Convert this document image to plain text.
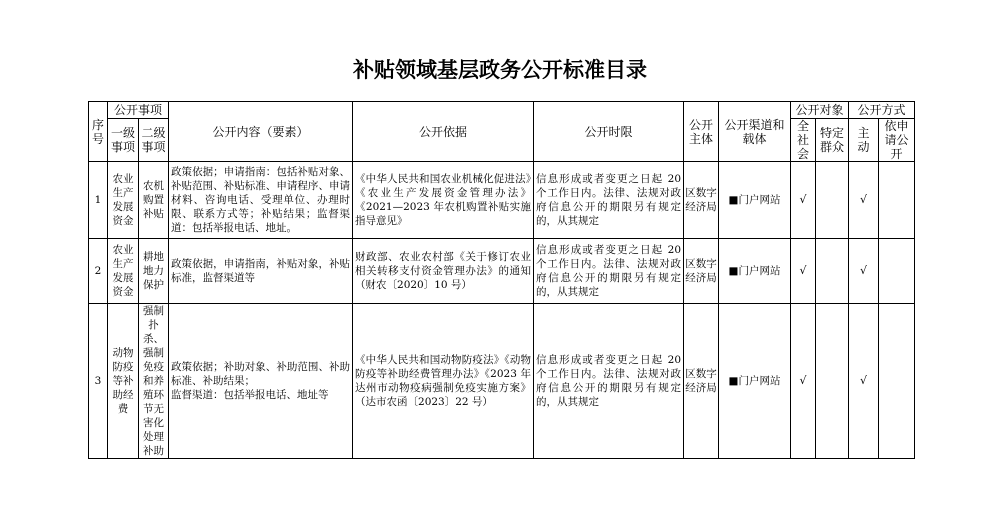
补贴领域基层政务公开标准目录
序号	公开事项		公开内容（要素）	公开依据	公开时限	公开主体	公开渠道和载体	公开对象		公开方式	
	一级事项	二级事项						全社会	特定群众	主动	依申请公开
1	农业生产发展资金	农机购置补贴	政策依据；申请指南：包括补贴对象、补贴范围、补贴标准、申请程序、申请材料、咨询电话、受理单位、办理时限、联系方式等；补贴结果；监督渠道：包括举报电话、地址。	《中华人民共和国农业机械化促进法》《农业生产发展资金管理办法》《2021—2023 年农机购置补贴实施指导意见》	信息形成或者变更之日起 20 个工作日内。法律、法规对政府信息公开的期限另有规定的，从其规定	区数字经济局	■门户网站	√		√	
2	农业生产发展资金	耕地地力保护	政策依据，申请指南，补贴对象，补贴标准，监督渠道等	财政部、农业农村部《关于修订农业相关转移支付资金管理办法》的通知（财农〔2020〕10 号）	信息形成或者变更之日起 20 个工作日内。法律、法规对政府信息公开的期限另有规定的，从其规定	区数字经济局	■门户网站	√		√	
3	动物防疫等补助经费	强制扑杀、强制免疫和养殖环节无害化处理补助	政策依据；补助对象、补助范围、补助标准、补助结果；
监督渠道：包括举报电话、地址等	《中华人民共和国动物防疫法》《动物防疫等补助经费管理办法》《2023 年达州市动物疫病强制免疫实施方案》（达市农函〔2023〕22 号）	信息形成或者变更之日起 20 个工作日内。法律、法规对政府信息公开的期限另有规定的，从其规定	区数字经济局	■门户网站	√		√	
